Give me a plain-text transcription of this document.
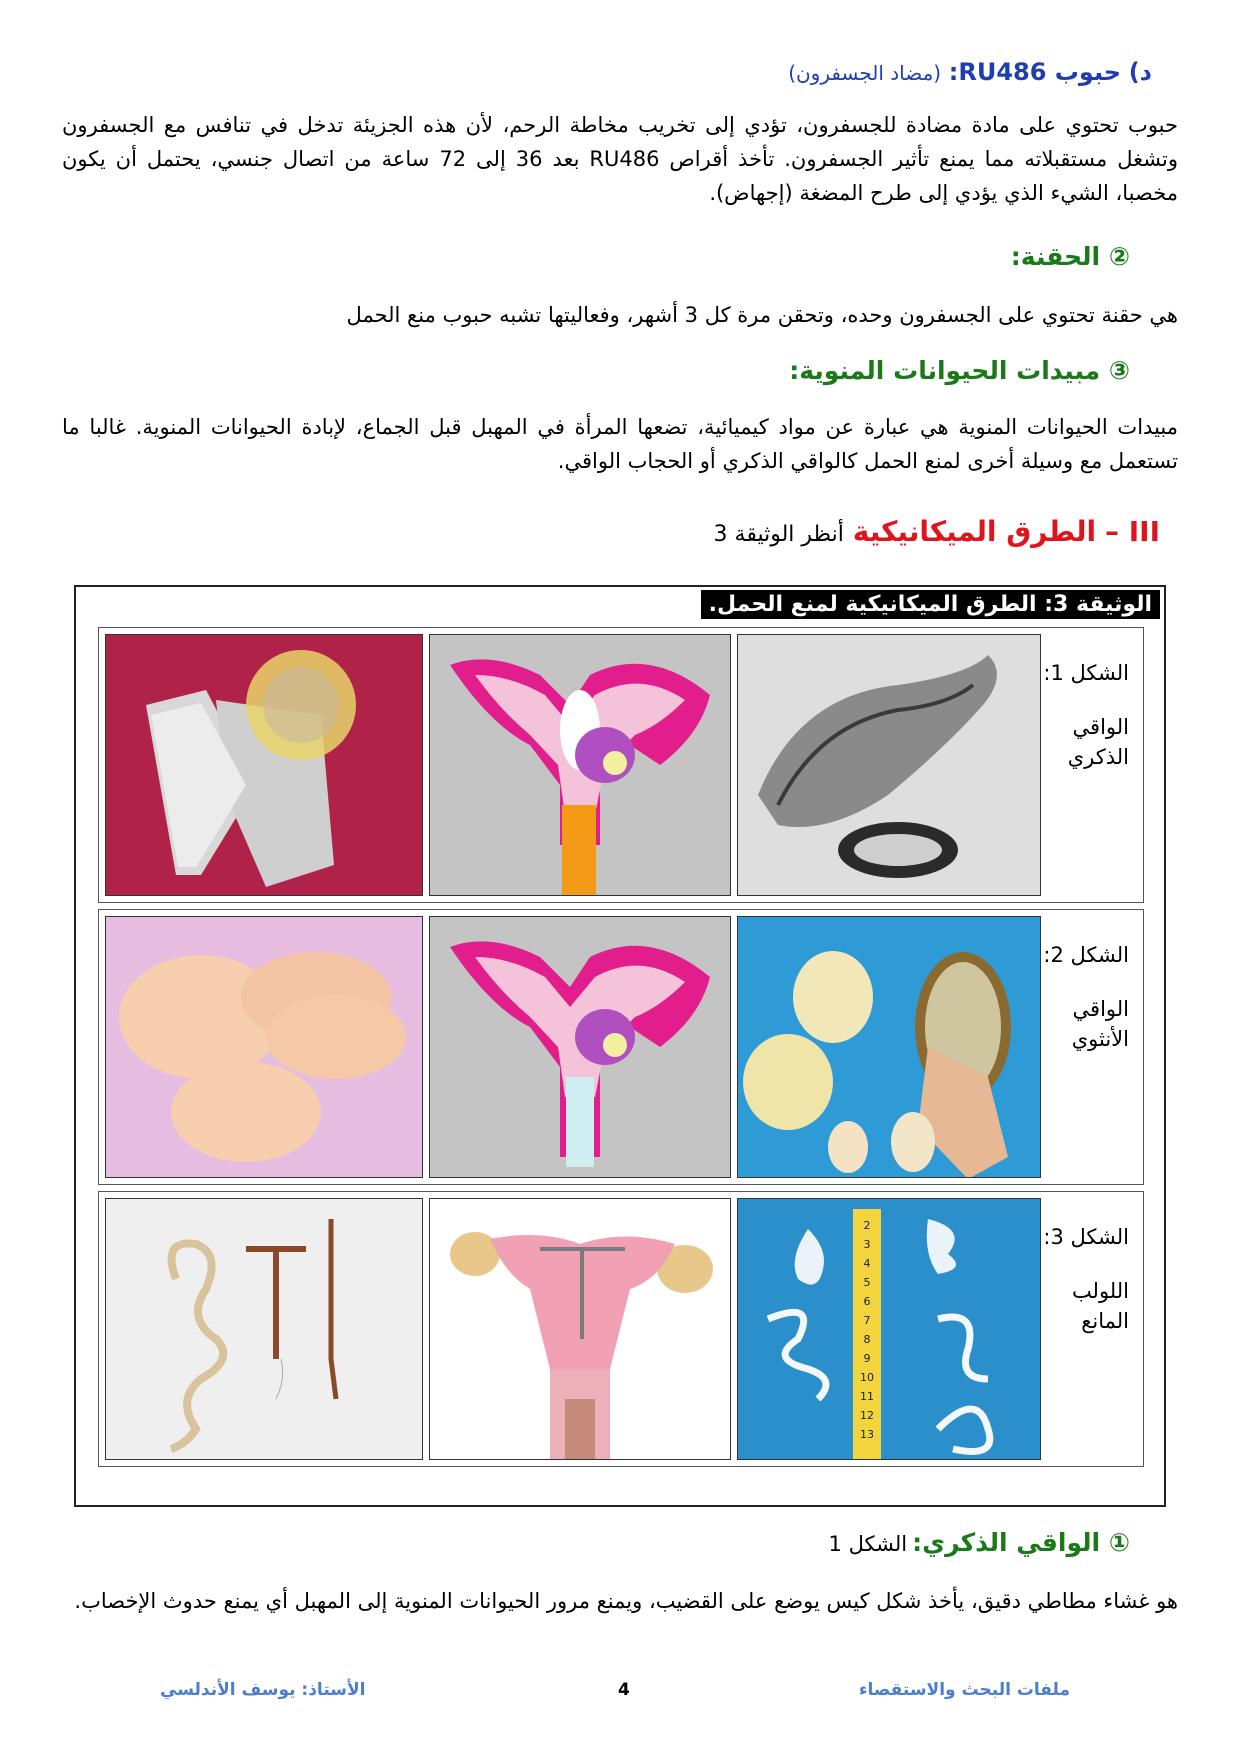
د) حبوب RU486: (مضاد الجسفرون)
حبوب تحتوي على مادة مضادة للجسفرون، تؤدي إلى تخريب مخاطة الرحم، لأن هذه الجزيئة تدخل في تنافس مع الجسفرون وتشغل مستقبلاته مما يمنع تأثير الجسفرون. تأخذ أقراص RU486 بعد 36 إلى 72 ساعة من اتصال جنسي، يحتمل أن يكون مخصبا، الشيء الذي يؤدي إلى طرح المضغة (إجهاض).
② الحقنة:
هي حقنة تحتوي على الجسفرون وحده، وتحقن مرة كل 3 أشهر، وفعاليتها تشبه حبوب منع الحمل
③ مبيدات الحيوانات المنوية:
مبيدات الحيوانات المنوية هي عبارة عن مواد كيميائية، تضعها المرأة في المهبل قبل الجماع، لإبادة الحيوانات المنوية. غالبا ما تستعمل مع وسيلة أخرى لمنع الحمل كالواقي الذكري أو الحجاب الواقي.
III – الطرق الميكانيكية أنظر الوثيقة 3
الوثيقة 3: الطرق الميكانيكية لمنع الحمل.
الشكل 1:
الواقي
الذكري
الشكل 2:
الواقي
الأنثوي
2
3
4
5
6
7
8
9
10
11
12
13
الشكل 3:
اللولب
المانع
① الواقي الذكري: الشكل 1
هو غشاء مطاطي دقيق، يأخذ شكل كيس يوضع على القضيب، ويمنع مرور الحيوانات المنوية إلى المهبل أي يمنع حدوث الإخصاب.
الأستاذ: يوسف الأندلسي	4	ملفات البحث والاستقصاء
